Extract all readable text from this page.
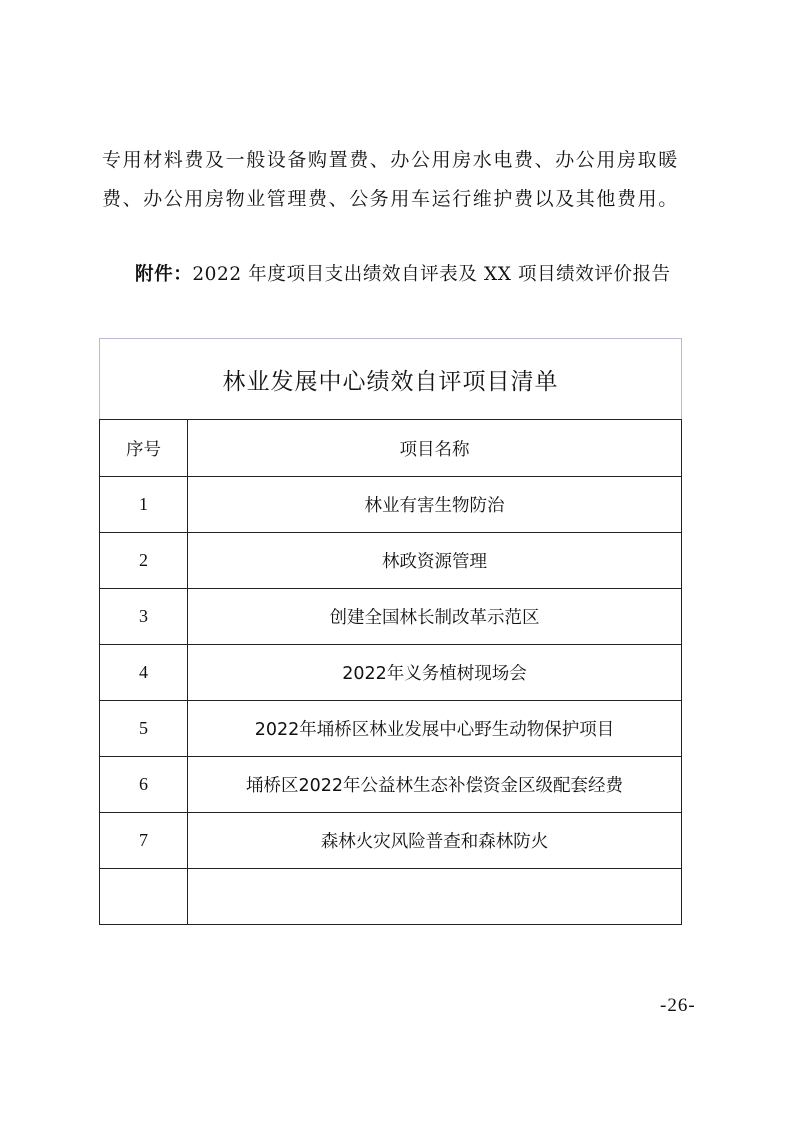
专用材料费及一般设备购置费、办公用房水电费、办公用房取暖
费、办公用房物业管理费、公务用车运行维护费以及其他费用。
附件：2022 年度项目支出绩效自评表及 XX 项目绩效评价报告
林业发展中心绩效自评项目清单	
序号	项目名称
1	林业有害生物防治
2	林政资源管理
3	创建全国林长制改革示范区
4	2022年义务植树现场会
5	2022年埇桥区林业发展中心野生动物保护项目
6	埇桥区2022年公益林生态补偿资金区级配套经费
7	森林火灾风险普查和森林防火

-26-
